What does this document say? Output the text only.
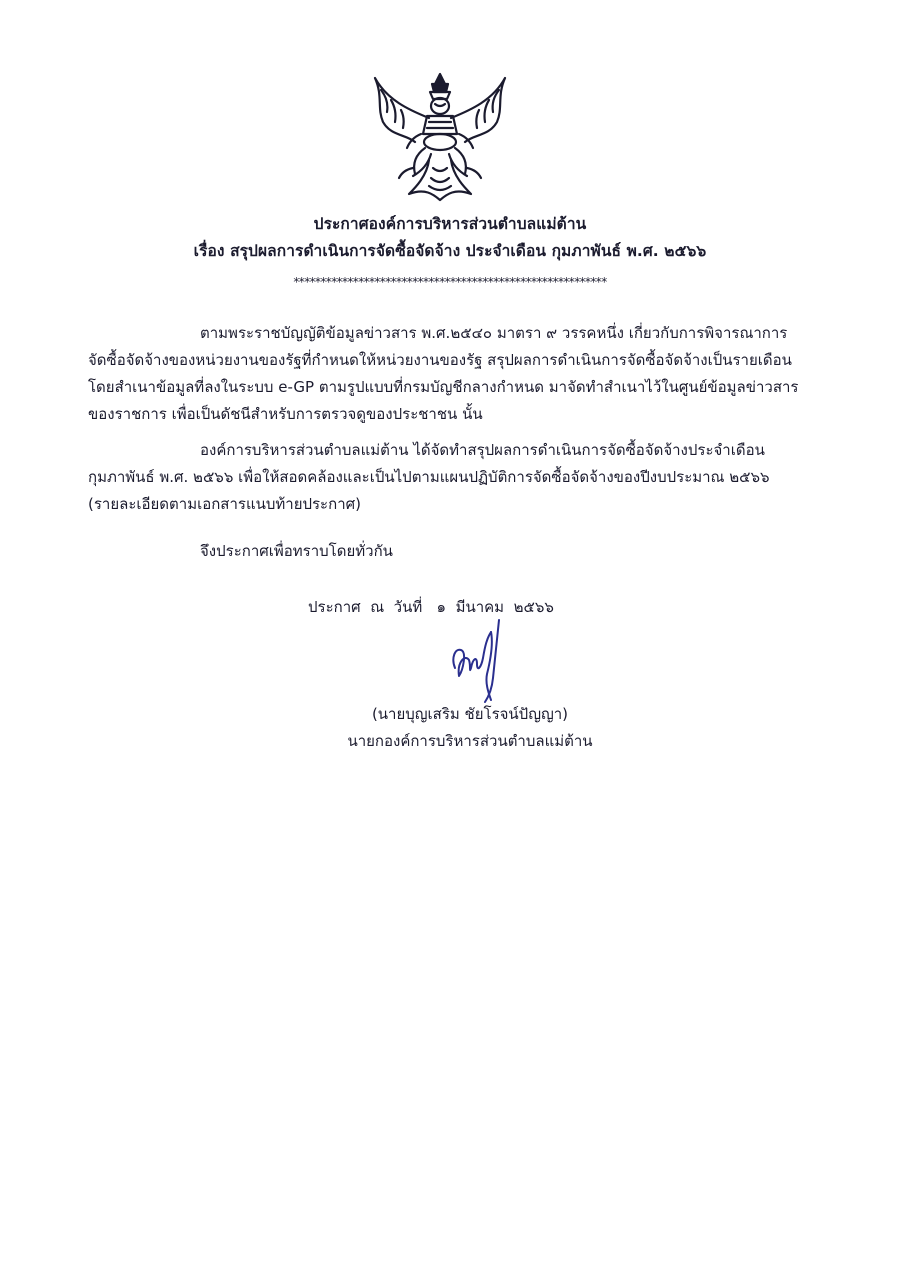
ประกาศองค์การบริหารส่วนตำบลแม่ต้าน
เรื่อง สรุปผลการดำเนินการจัดซื้อจัดจ้าง ประจำเดือน กุมภาพันธ์ พ.ศ. ๒๕๖๖
**********************************************************
ตามพระราชบัญญัติข้อมูลข่าวสาร พ.ศ.๒๕๔๐ มาตรา ๙ วรรคหนึ่ง เกี่ยวกับการพิจารณาการ
จัดซื้อจัดจ้างของหน่วยงานของรัฐที่กำหนดให้หน่วยงานของรัฐ สรุปผลการดำเนินการจัดซื้อจัดจ้างเป็นรายเดือน
โดยสำเนาข้อมูลที่ลงในระบบ e-GP ตามรูปแบบที่กรมบัญชีกลางกำหนด มาจัดทำสำเนาไว้ในศูนย์ข้อมูลข่าวสาร
ของราชการ เพื่อเป็นดัชนีสำหรับการตรวจดูของประชาชน นั้น
องค์การบริหารส่วนตำบลแม่ต้าน ได้จัดทำสรุปผลการดำเนินการจัดซื้อจัดจ้างประจำเดือน
กุมภาพันธ์ พ.ศ. ๒๕๖๖ เพื่อให้สอดคล้องและเป็นไปตามแผนปฏิบัติการจัดซื้อจัดจ้างของปีงบประมาณ ๒๕๖๖
(รายละเอียดตามเอกสารแนบท้ายประกาศ)
จึงประกาศเพื่อทราบโดยทั่วกัน
ประกาศ  ณ  วันที่   ๑  มีนาคม  ๒๕๖๖
(นายบุญเสริม ชัยโรจน์ปัญญา)
นายกองค์การบริหารส่วนตำบลแม่ต้าน
